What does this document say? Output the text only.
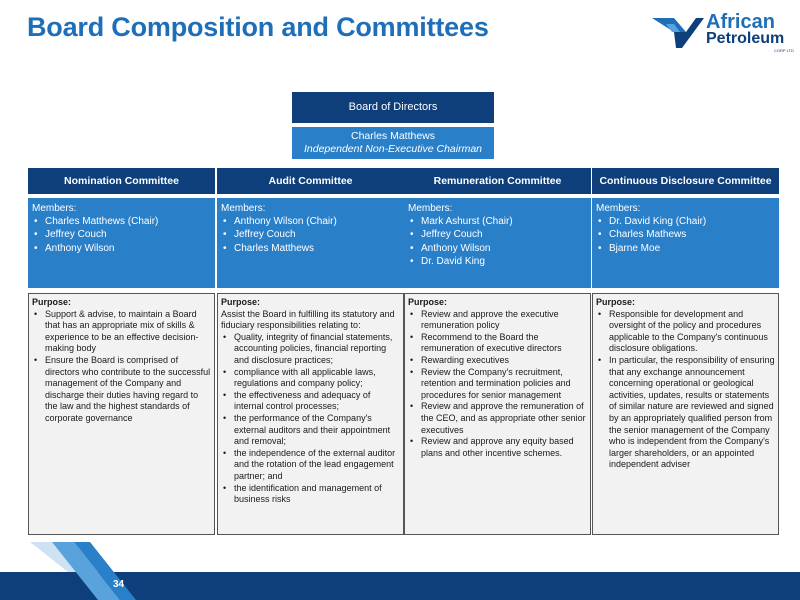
Board Composition and Committees	African
Petroleum
CORP LTD
Board of Directors
Charles Matthews
Independent Non-Executive Chairman
Nomination Committee
Members:
• Charles Matthews (Chair)
• Jeffrey Couch
• Anthony Wilson
Purpose:
• Support & advise, to maintain a Board that has an appropriate mix of skills & experience to be an effective decision-making body
• Ensure the Board is comprised of directors who contribute to the successful management of the Company and discharge their duties having regard to the law and the highest standards of corporate governance
Audit Committee
Members:
• Anthony Wilson (Chair)
• Jeffrey Couch
• Charles Matthews
Purpose:
Assist the Board in fulfilling its statutory and fiduciary responsibilities relating to:
• Quality, integrity of financial statements, accounting policies, financial reporting and disclosure practices;
• compliance with all applicable laws, regulations and company policy;
• the effectiveness and adequacy of internal control processes;
• the performance of the Company's external auditors and their appointment and removal;
• the independence of the external auditor and the rotation of the lead engagement partner; and
• the identification and management of business risks
Remuneration Committee
Members:
• Mark Ashurst (Chair)
• Jeffrey Couch
• Anthony Wilson
• Dr. David King
Purpose:
• Review and approve the executive remuneration policy
• Recommend to the Board the remuneration of executive directors
• Rewarding executives
• Review the Company's recruitment, retention and termination policies and procedures for senior management
• Review and approve the remuneration of the CEO, and as appropriate other senior executives
• Review and approve any equity based plans and other incentive schemes.
Continuous Disclosure Committee
Members:
• Dr. David King (Chair)
• Charles Mathews
• Bjarne Moe
Purpose:
• Responsible for development and oversight of the policy and procedures applicable to the Company's continuous disclosure obligations.
• In particular, the responsibility of ensuring that any exchange announcement concerning operational or geological activities, updates, results or statements of similar nature are reviewed and signed by an appropriately qualified person from the senior management of the Company who is independent from the Company's larger shareholders, or an appointed independent adviser
34
